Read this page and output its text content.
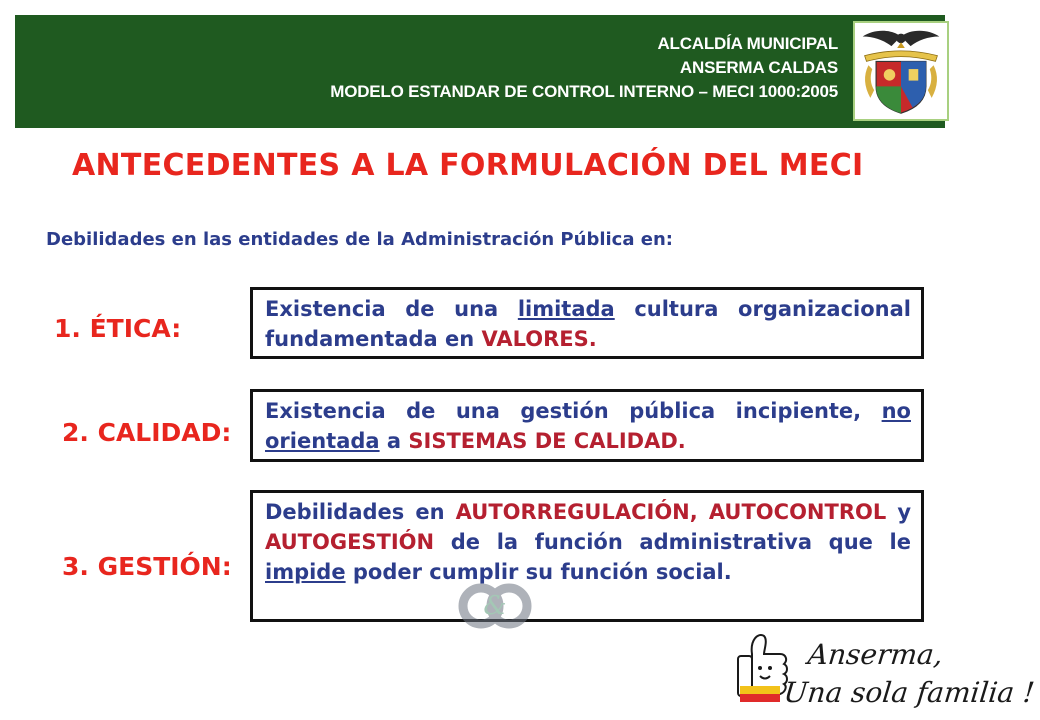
ALCALDÍA MUNICIPAL
ANSERMA CALDAS
MODELO ESTANDAR DE CONTROL INTERNO – MECI 1000:2005
ANTECEDENTES A LA FORMULACIÓN DEL MECI
Debilidades en las entidades de la Administración Pública en:
1. ÉTICA:
Existencia de una limitada cultura organizacional fundamentada en VALORES.
2. CALIDAD:
Existencia de una gestión pública incipiente, no orientada a SISTEMAS DE CALIDAD.
3. GESTIÓN:
Debilidades en AUTORREGULACIÓN, AUTOCONTROL y AUTOGESTIÓN de la función administrativa que le impide poder cumplir su función social.
&
Anserma,
Una sola familia !
